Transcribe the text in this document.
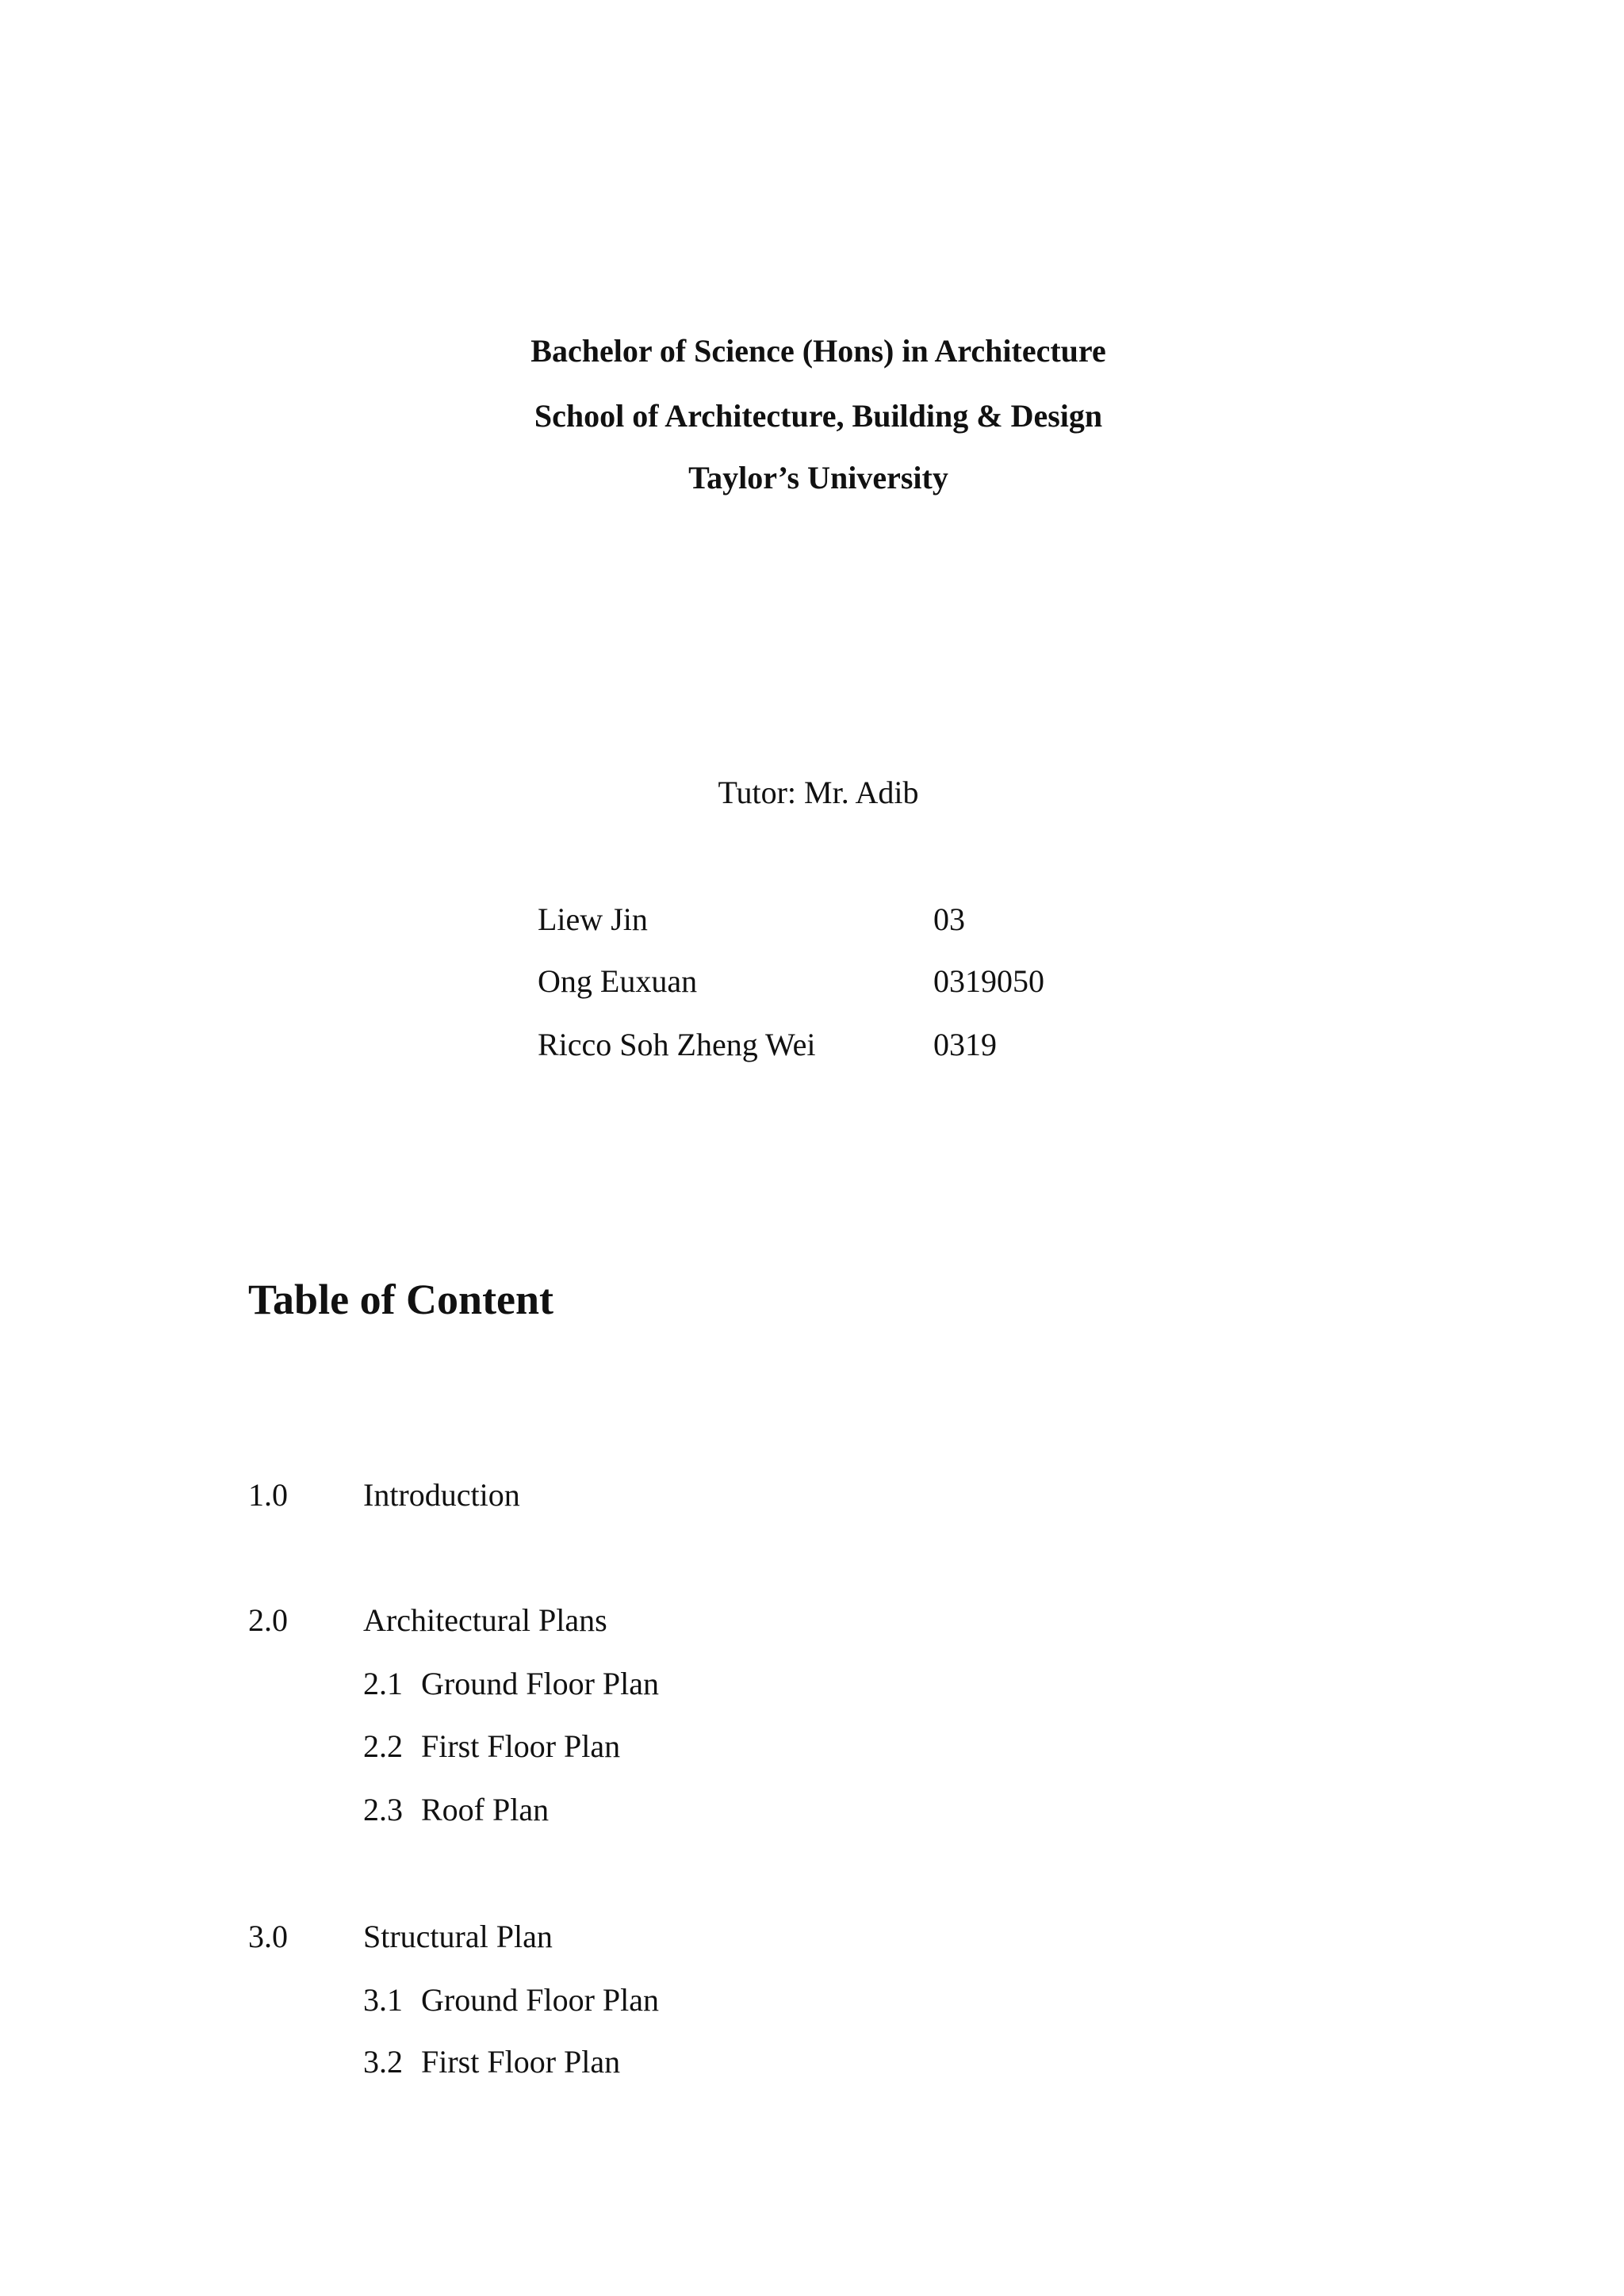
Bachelor of Science (Hons) in Architecture
School of Architecture, Building & Design
Taylor’s University
Tutor: Mr. Adib
Liew Jin	03
Ong Euxuan	0319050
Ricco Soh Zheng Wei	0319
Table of Content
1.0 Introduction
2.0 Architectural Plans
2.1 Ground Floor Plan
2.2 First Floor Plan
2.3 Roof Plan
3.0 Structural Plan
3.1 Ground Floor Plan
3.2 First Floor Plan
